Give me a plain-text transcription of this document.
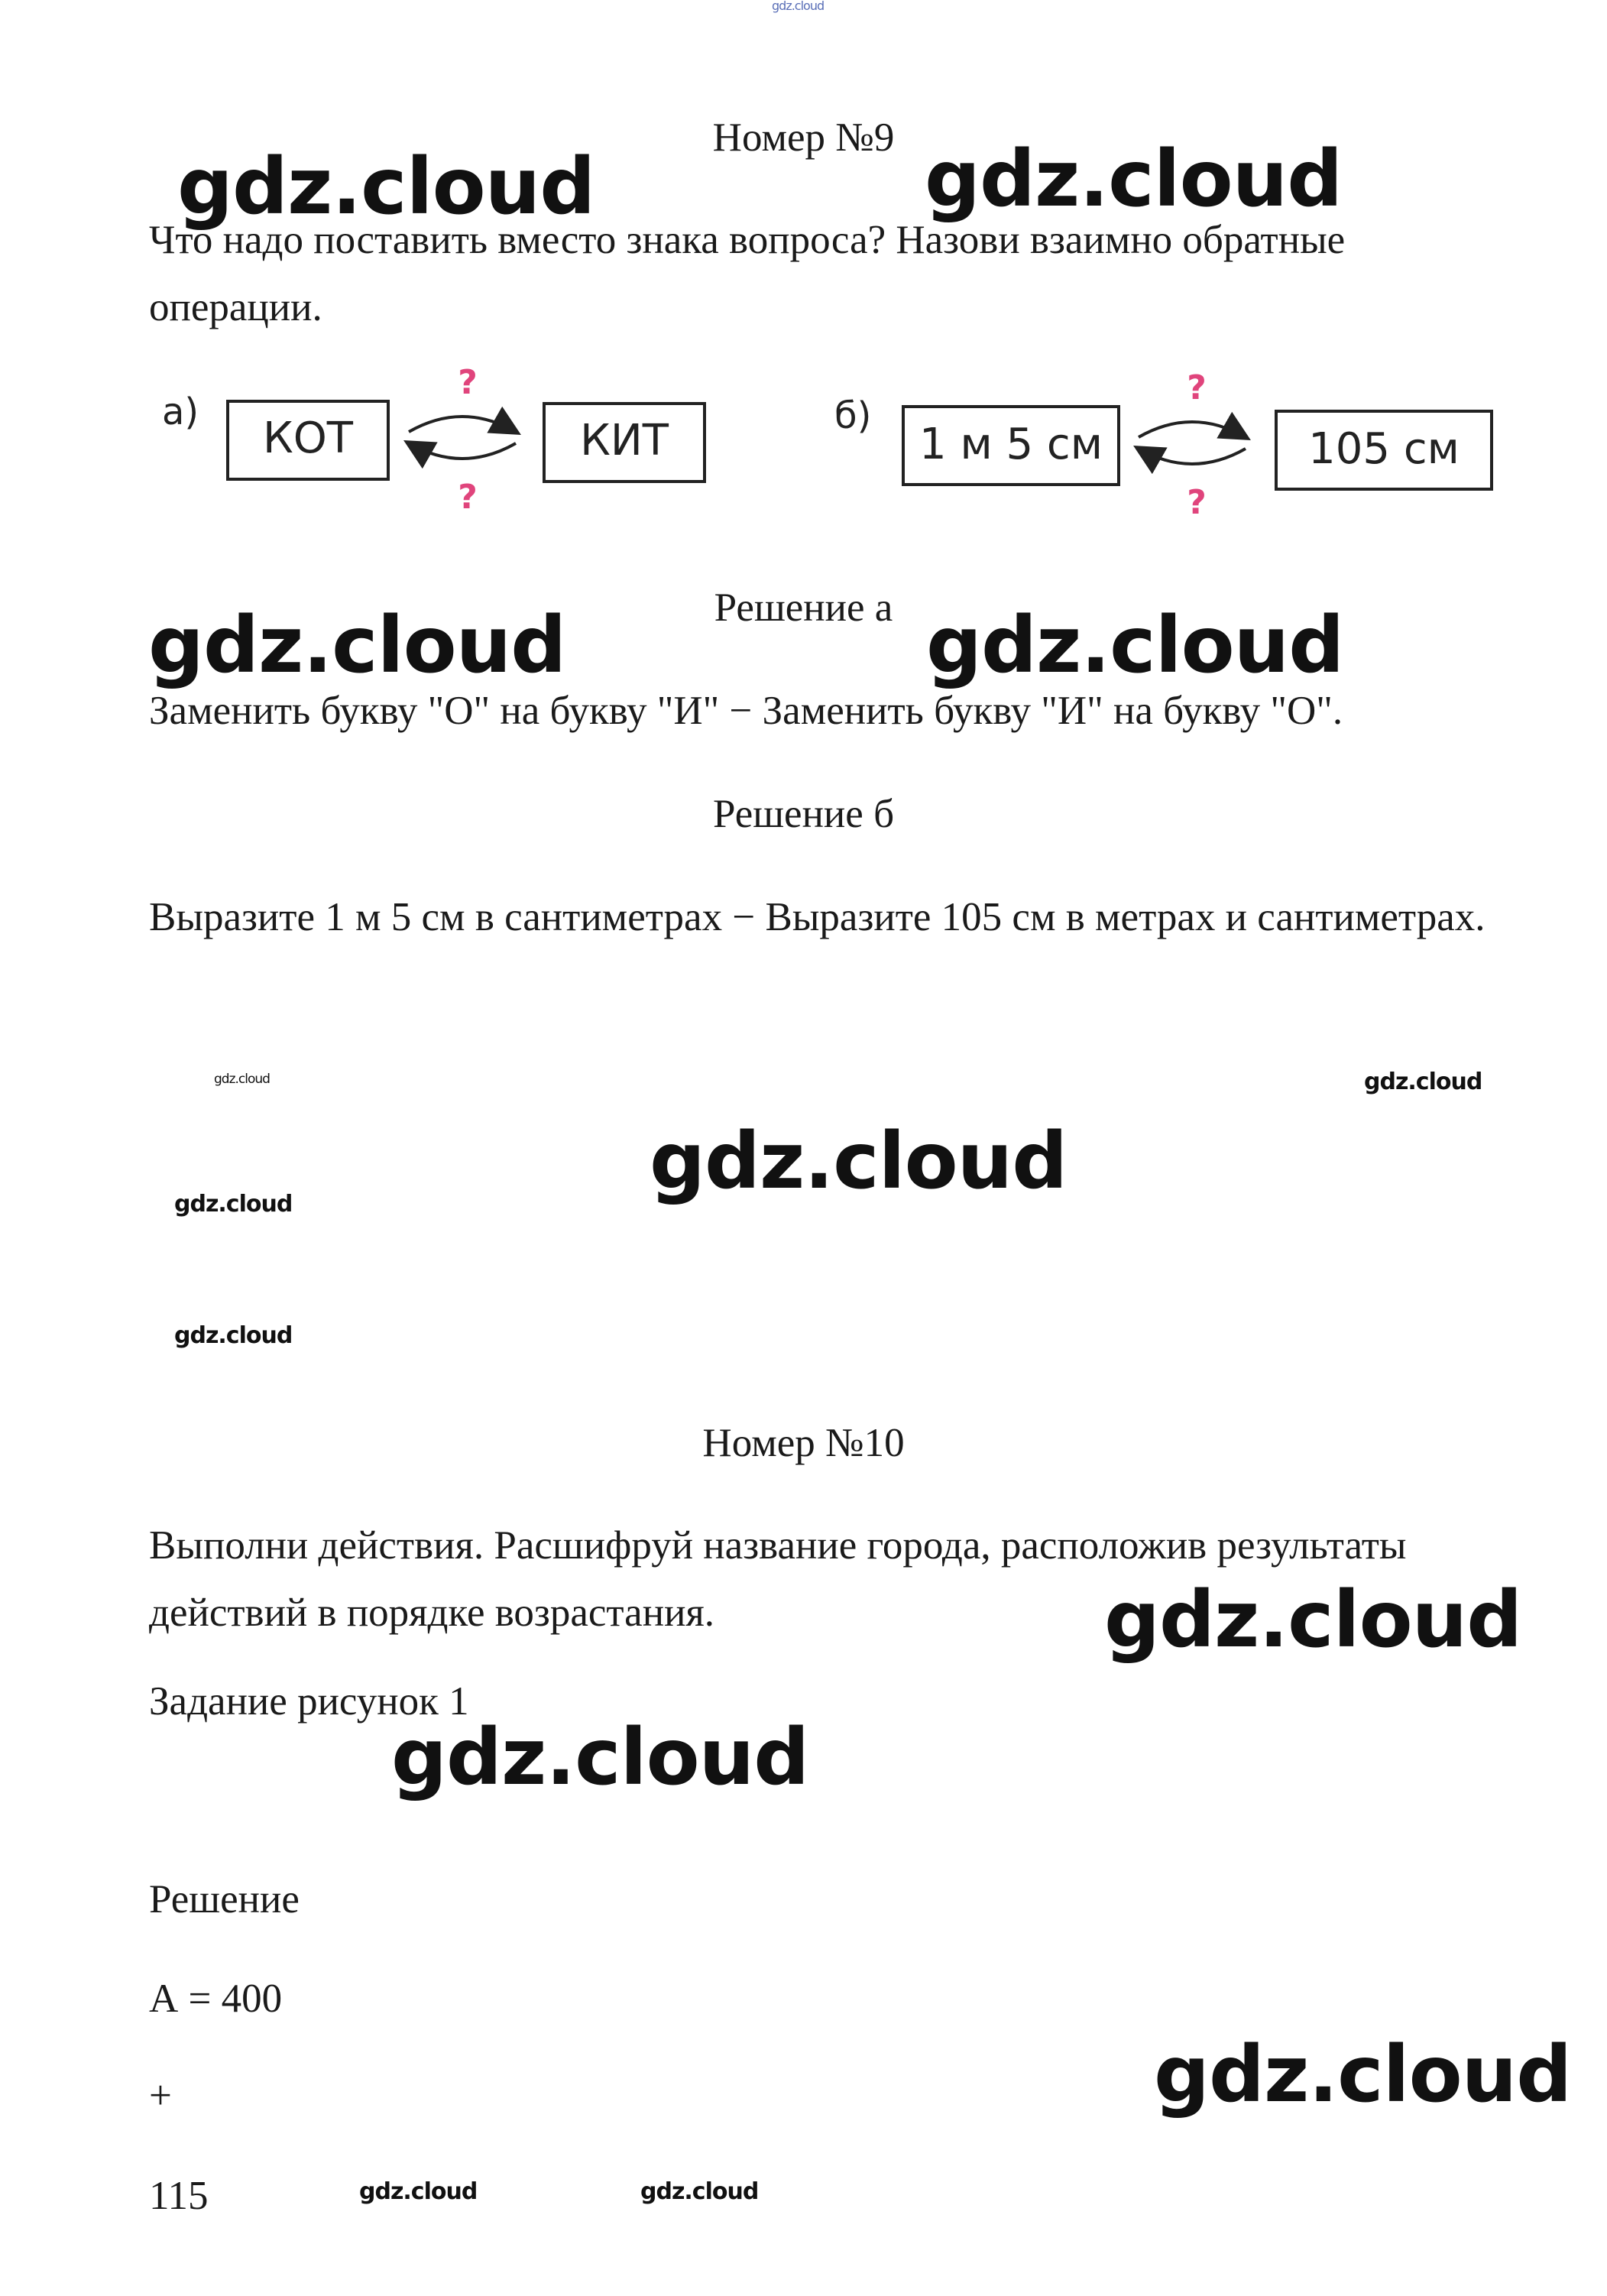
gdz.cloud
gdz.cloud	gdz.cloud
gdz.cloud	gdz.cloud
gdz.cloud	gdz.cloud
gdz.cloud
gdz.cloud
gdz.cloud
gdz.cloud
gdz.cloud
gdz.cloud
gdz.cloud	gdz.cloud
Номер №9
Что надо поставить вместо знака вопроса? Назови взаимно обратные операции.
а)
КОТ
?
?
КИТ	б)
1 м 5 см
?
?
105 см
Решение а
Заменить букву "О" на букву "И" − Заменить букву "И" на букву "О".
Решение б
Выразите 1 м 5 см в сантиметрах − Выразите 105 см в метрах и сантиметрах.
Номер №10
Выполни действия. Расшифруй название города, расположив результаты действий в порядке возрастания.
Задание рисунок 1
Решение
А = 400
+
115
